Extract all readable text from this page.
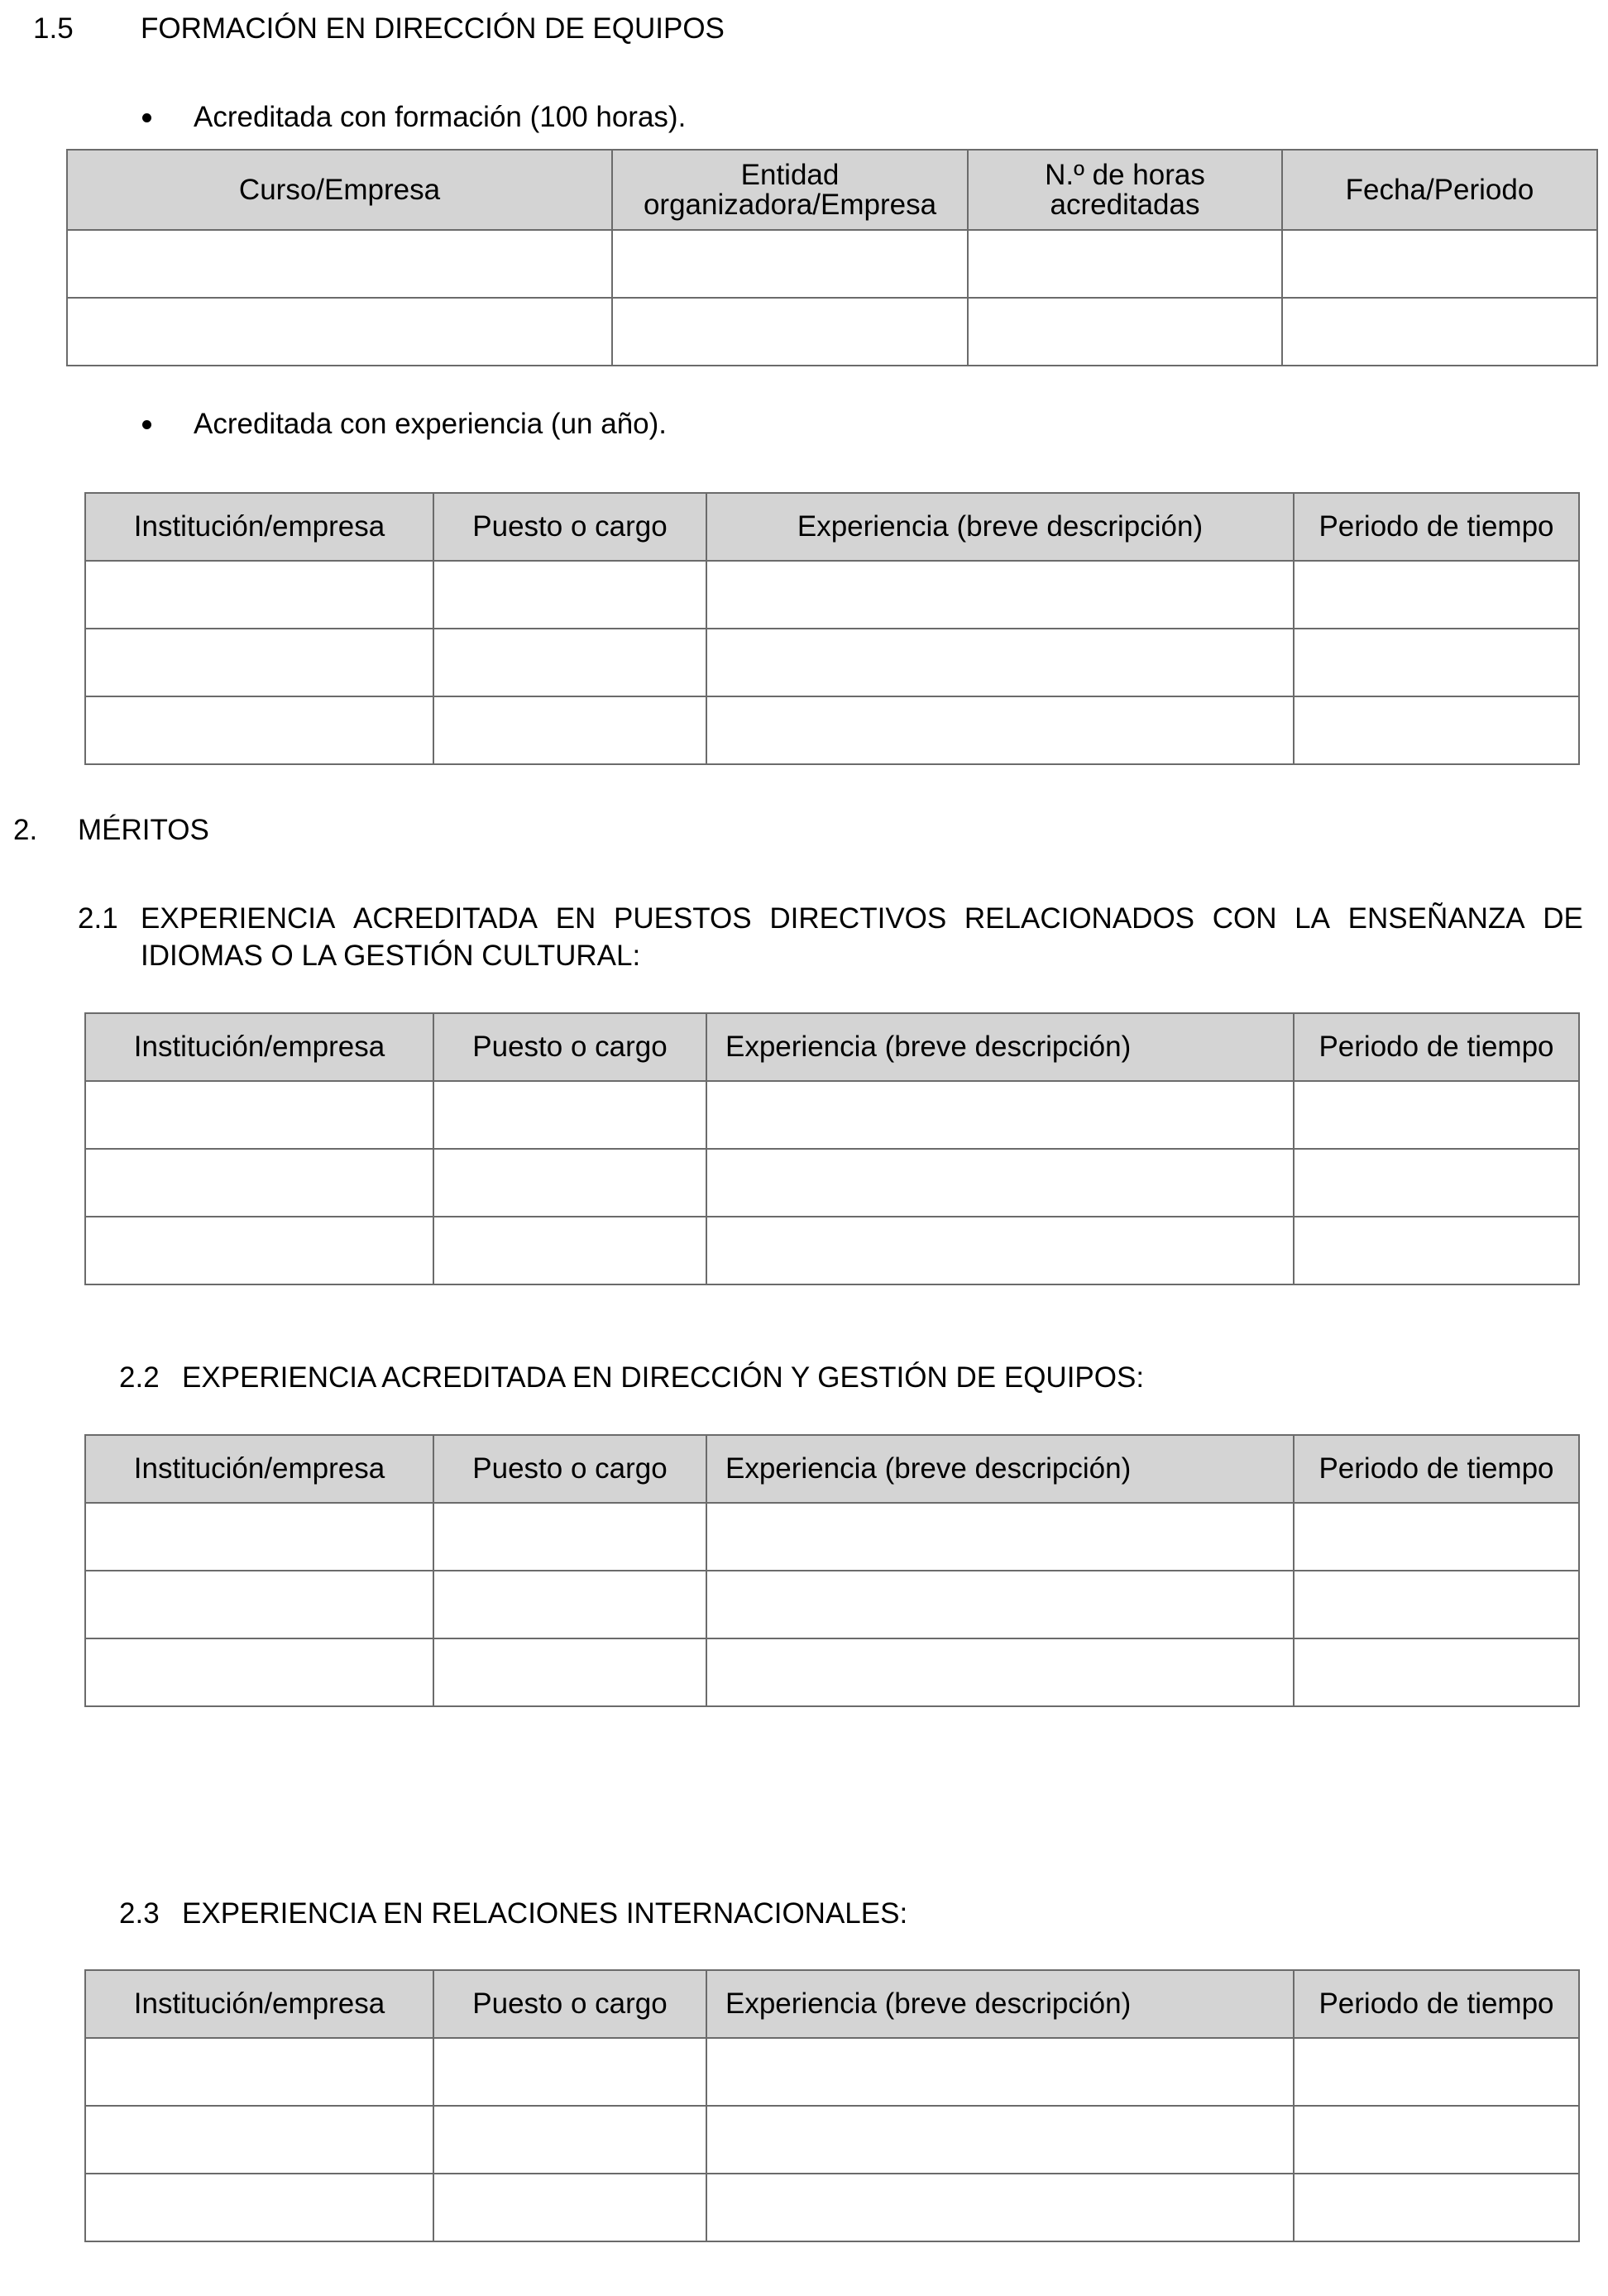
1.5 FORMACIÓN EN DIRECCIÓN DE EQUIPOS
Acreditada con formación (100 horas).
Curso/Empresa	Entidad organizadora/Empresa	N.º de horas acreditadas	Fecha/Periodo

Acreditada con experiencia (un año).
Institución/empresa	Puesto o cargo	Experiencia (breve descripción)	Periodo de tiempo

2. MÉRITOS
2.1 EXPERIENCIA ACREDITADA EN PUESTOS DIRECTIVOS RELACIONADOS CON LA ENSEÑANZA DE
IDIOMAS O LA GESTIÓN CULTURAL:
Institución/empresa	Puesto o cargo	Experiencia (breve descripción)	Periodo de tiempo

2.2 EXPERIENCIA ACREDITADA EN DIRECCIÓN Y GESTIÓN DE EQUIPOS:
Institución/empresa	Puesto o cargo	Experiencia (breve descripción)	Periodo de tiempo

2.3 EXPERIENCIA EN RELACIONES INTERNACIONALES:
Institución/empresa	Puesto o cargo	Experiencia (breve descripción)	Periodo de tiempo
